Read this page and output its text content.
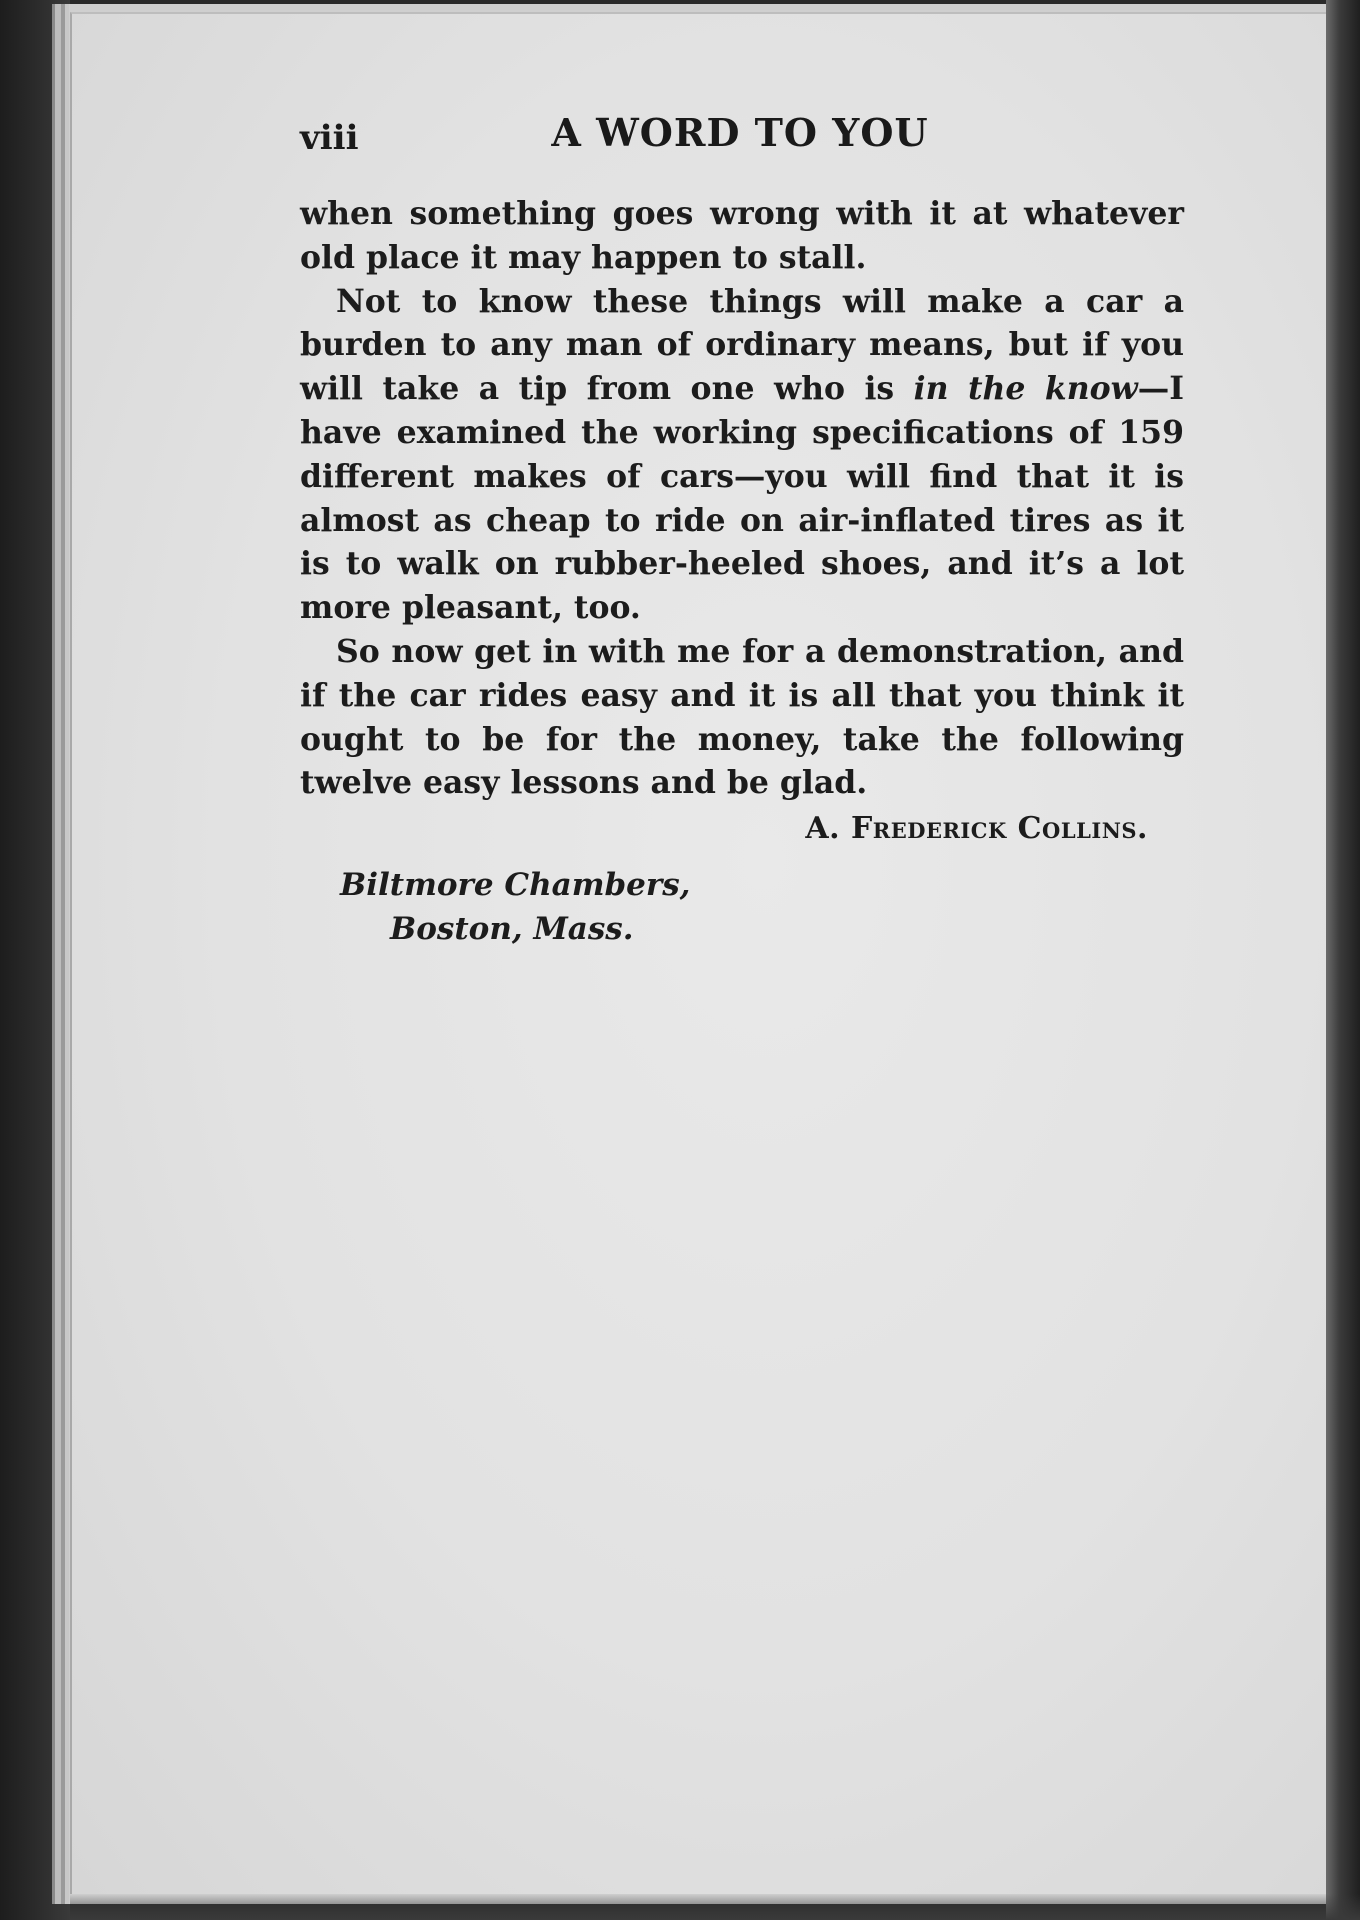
viii	A WORD TO YOU

when something goes wrong with it at whatever old place it may happen to stall.

Not to know these things will make a car a burden to any man of ordinary means, but if you will take a tip from one who is in the know—I have examined the working specifications of 159 different makes of cars—you will find that it is almost as cheap to ride on air-inflated tires as it is to walk on rubber-heeled shoes, and it’s a lot more pleasant, too.

So now get in with me for a demonstration, and if the car rides easy and it is all that you think it ought to be for the money, take the following twelve easy lessons and be glad.

A. Frederick Collins.
Biltmore Chambers,
Boston, Mass.
